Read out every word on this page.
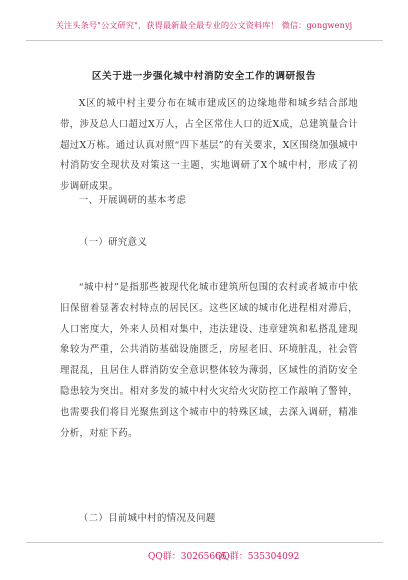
关注头条号"公文研究"，获得最新最全最专业的公文资料库！ 微信：gongwenyj
区关于进一步强化城中村消防安全工作的调研报告

X区的城中村主要分布在城市建成区的边缘地带和城乡结合部地带，涉及总人口超过X万人，占全区常住人口的近X成，总建筑量合计超过X万栋。通过认真对照“四下基层”的有关要求，X区围绕加强城中村消防安全现状及对策这一主题，实地调研了X个城中村，形成了初步调研成果。

一、开展调研的基本考虑
（一）研究意义

“城中村”是指那些被现代化城市建筑所包围的农村或者城市中依旧保留着显著农村特点的居民区。这些区域的城市化进程相对滞后，人口密度大，外来人员相对集中，违法建设、违章建筑和私搭乱建现象较为严重，公共消防基础设施匮乏，房屋老旧、环境脏乱，社会管理混乱，且居住人群消防安全意识整体较为薄弱，区域性的消防安全隐患较为突出。相对多发的城中村火灾给火灾防控工作敲响了警钟，也需要我们将目光聚焦到这个城市中的特殊区域，去深入调研，精准分析，对症下药。

（二）目前城中村的情况及问题
QQ群：30265665
QQ群：535304092
